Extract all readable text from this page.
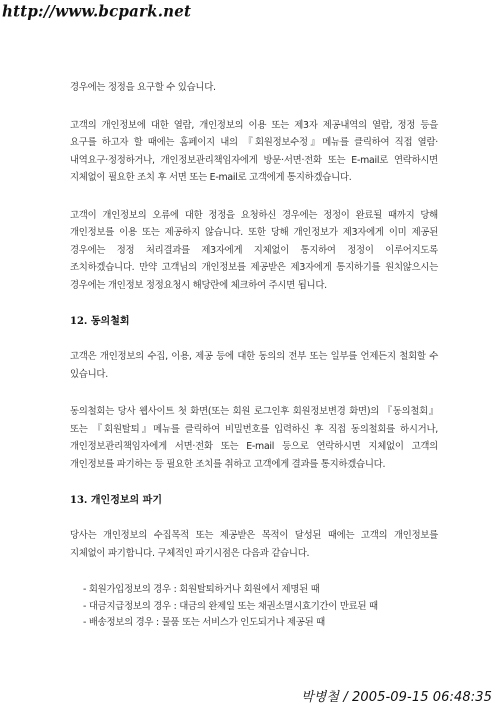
http://www.bcpark.net

경우에는 정정을 요구할 수 있습니다.

고객의 개인정보에 대한 열람, 개인정보의 이용 또는 제3자 제공내역의 열람, 정정 등을 요구를 하고자 할 때에는 홈페이지 내의 『회원정보수정』메뉴를 클릭하여 직접 열람·내역요구·정정하거나, 개인정보관리책임자에게 방문·서면·전화 또는 E-mail로 연락하시면 지체없이 필요한 조치 후 서면 또는 E-mail로 고객에게 통지하겠습니다.

고객이 개인정보의 오류에 대한 정정을 요청하신 경우에는 정정이 완료될 때까지 당해 개인정보를 이용 또는 제공하지 않습니다. 또한 당해 개인정보가 제3자에게 이미 제공된 경우에는 정정 처리결과를 제3자에게 지체없이 통지하여 정정이 이루어지도록 조치하겠습니다. 만약 고객님의 개인정보를 제공받은 제3자에게 통지하기를 원치않으시는 경우에는 개인정보 정정요청시 해당란에 체크하여 주시면 됩니다.

12. 동의철회

고객은 개인정보의 수집, 이용, 제공 등에 대한 동의의 전부 또는 일부를 언제든지 철회할 수 있습니다.

동의철회는 당사 웹사이트 첫 화면(또는 회원 로그인후 회원정보변경 화면)의 『동의철회』 또는 『회원탈퇴』메뉴를 클릭하여 비밀번호를 입력하신 후 직접 동의철회를 하시거나, 개인정보관리책임자에게 서면·전화 또는 E-mail 등으로 연락하시면 지체없이 고객의 개인정보를 파기하는 등 필요한 조치를 취하고 고객에게 결과를 통지하겠습니다.

13. 개인정보의 파기

당사는 개인정보의 수집목적 또는 제공받은 목적이 달성된 때에는 고객의 개인정보를 지체없이 파기합니다. 구체적인 파기시점은 다음과 같습니다.

- 회원가입정보의 경우 : 회원탈퇴하거나 회원에서 제명된 때
- 대금지급정보의 경우 : 대금의 완제일 또는 채권소멸시효기간이 만료된 때
- 배송정보의 경우 : 물품 또는 서비스가 인도되거나 제공된 때
박병철 / 2005-09-15 06:48:35
